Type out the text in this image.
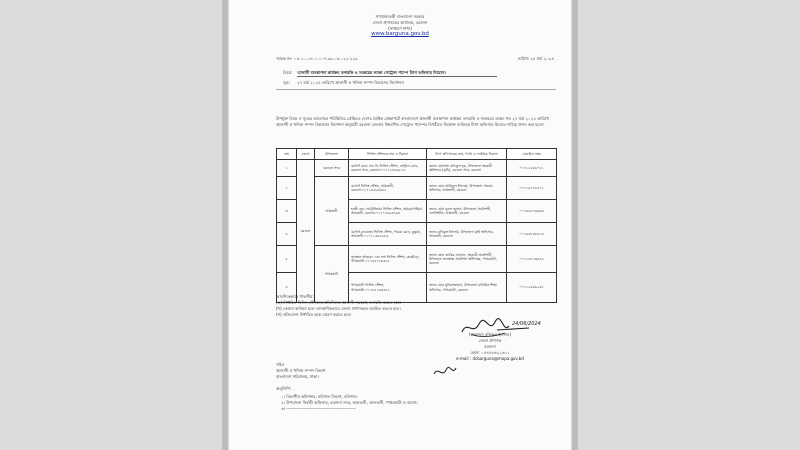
গণপ্রজাতন্ত্রী বাংলাদেশ সরকার
জেলা প্রশাসকের কার্যালয়, বরগুনা
(সাধারণ শাখা)
www.barguna.gov.bd
স্মারক নং- ০৫.১০.০৪০০.১০৭.৩৯.০৩০.২২-২২৯	তারিখ: ২৪ মার্চ ২০২৪
বিষয়: জ্বালানী ব্যবস্থাপনা কার্যক্রম তদারকি ও সমন্বয়ের লক্ষ্যে পেট্রোল পাম্পে ট্যাগ অফিসার নিয়োগ।
সূত্র: ২৭ মার্চ ২০২৪ তারিখে জ্বালানী ও খনিজ সম্পদ বিভাগের নির্দেশনা।
উপর্যুক্ত বিষয় ও সূত্রের আলোকে পরিস্থিতির প্রেক্ষিতে দেশের বৈশ্বিক প্রেক্ষাপটে বাংলাদেশে জ্বালানী ব্যবস্থাপনা কার্যক্রম তদারকি ও সমন্বয়ের লক্ষ্যে গত ২৭ মার্চ ২০২৪ তারিখে জ্বালানী ও খনিজ সম্পদ বিভাগের নির্দেশনা অনুযায়ী বরগুনা জেলার নিম্নবর্ণিত পেট্রোল পাম্পের বিপরীতে নিম্নোক্ত ব্যক্তিকে ট্যাগ অফিসার হিসেবে দায়িত্ব প্রদান করা হলো:
ক্রম	জেলা	উপজেলা	ফিলিং স্টেশনের নাম ও ঠিকানা	ট্যাগ অফিসারের নাম, পদবি ও দাপ্তরিক ঠিকানা	মোবাইল নম্বর
১	বরগুনা	বরগুনা সদর	মেসার্স রোড এন্ড ডি ফিলিং স্টেশন, সেন্ট্রাল রোড, বরগুনা সদর, বরগুনা-০১৭১২৪৪৬৮২৫	জনাব মোহাম্মদ রফিকুল হক, উপজেলা সহকারী কমিশনার (ভূমি), বরগুনা সদর, বরগুনা	০১৭১২৪৫৬০৮১
২		আমতলী	মেসার্স ফিলিং স্টেশন, আমতলী, বরগুনা-০১৭১৪৫৮৬৩৫২	জনাব মোঃ আরিফুল ইসলাম, উপজেলা সমবায় অফিসার, আমতলী, বরগুনা	০১৭১৯৭৭৪৫০২
৩			হাজী এন্ড পেট্রোলিয়াম ফিলিং স্টেশন, আমড়াগাছিয়া, আমতলী, বরগুনা-০১৭০৫৬৬৪৭৯৪	জনাব মোঃ নূরুল হাসান, উপজেলা প্রকৌশলী, এলজিইডি, আমতলী, বরগুনা	০১৭৪৫৮৭৩৬৬৩
৪			মেসার্স নেওয়াজ ফিলিং স্টেশন, পায়রা রোড, কুকুয়া, আমতলী-০১৭১১৩৫৯৫৮৬	জনাব রফিকুল ইসলাম, উপজেলা কৃষি অফিসার, আমতলী, বরগুনা	০১৭৬৫৮৪৮৯১৩
৫		পাথরঘাটা	সুলতান আহমেদ এন্ড সন্স ফিলিং স্টেশন, কাকচিড়া, পাথরঘাটা-০১৭৪৫৭৮৬৩২৫	জনাব মোঃ জাকির হোসেন, সহকারী প্রকৌশলী, উপজেলা জনস্বাস্থ্য প্রকৌশল অধিদপ্তর, পাথরঘাটা, বরগুনা	০১৭১৫৮২৩৬৭৯
৬			পাথরঘাটা ফিলিং স্টেশন, পাথরঘাটা-০১৭৪৫১৩৩৫৪২	জনাব মোঃ মুনিরুজ্জামান, উপজেলা মাধ্যমিক শিক্ষা অফিসার, পাথরঘাটা, বরগুনা	০১৭১২৬৪৬২৫৮
আবশ্যিকভাবে পালনীয়:
(ক) নির্ধারিত ফিলিং স্টেশনের প্রতিদিনের জ্বালানী সরবরাহ তদারকি করতে হবে।
(খ) কোনো অনিয়ম হলে তাৎক্ষণিকভাবে জেলা প্রশাসককে অবহিত করতে হবে।
(গ) প্রতিবেদন নির্ধারিত ছকে প্রেরণ করতে হবে।
24/06/2024
(মোহাম্মদ রফিকুল ইসলাম)
জেলা প্রশাসক
বরগুনা
ফোন: ০৪৪৮৮৬২২৩০১
e-mail : dcbarguna@mopa.gov.bd
সচিব
জ্বালানী ও খনিজ সম্পদ বিভাগ
বাংলাদেশ সচিবালয়, ঢাকা।
অনুলিপি:
১। বিভাগীয় কমিশনার, বরিশাল বিভাগ, বরিশাল।
২। উপজেলা নির্বাহী অফিসার, বরগুনা সদর, আমতলী, তালতলী, পাথরঘাটা ও বামনা।
৩। ------------------------------------------------
